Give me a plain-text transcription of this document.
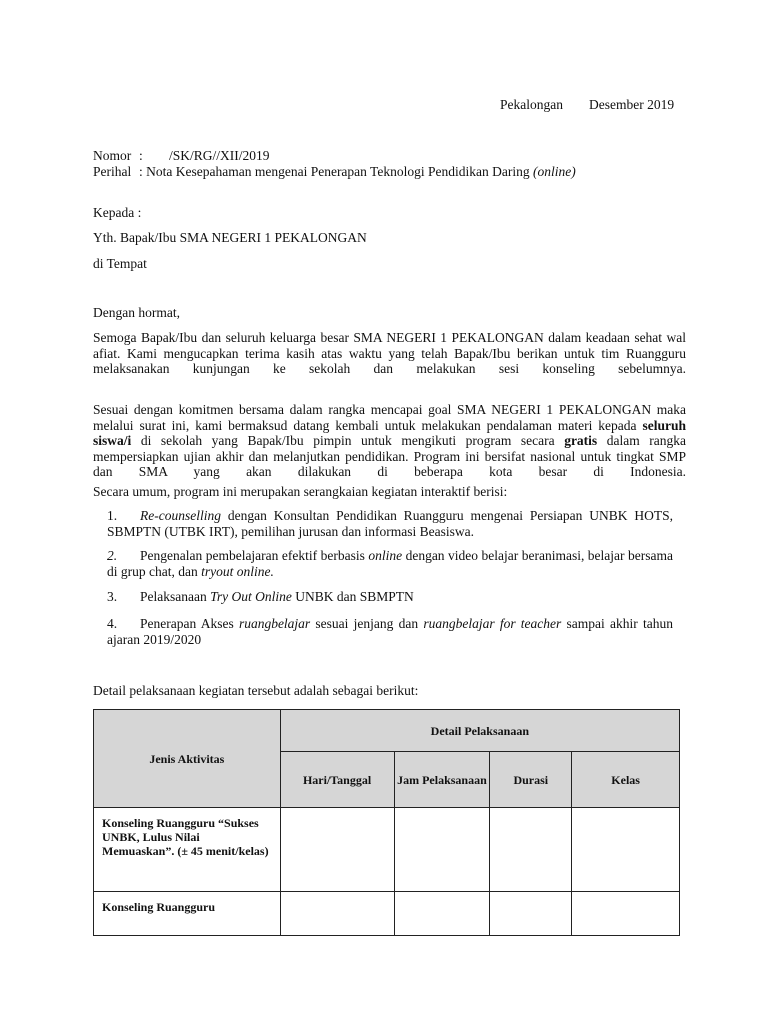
Pekalongan Desember 2019
Nomor : /SK/RG//XII/2019
Perihal : Nota Kesepahaman mengenai Penerapan Teknologi Pendidikan Daring (online)
Kepada :
Yth. Bapak/Ibu SMA NEGERI 1 PEKALONGAN
di Tempat
Dengan hormat,
Semoga Bapak/Ibu dan seluruh keluarga besar SMA NEGERI 1 PEKALONGAN dalam keadaan sehat wal afiat. Kami mengucapkan terima kasih atas waktu yang telah Bapak/Ibu berikan untuk tim Ruangguru melaksanakan kunjungan ke sekolah dan melakukan sesi konseling sebelumnya.
Sesuai dengan komitmen bersama dalam rangka mencapai goal SMA NEGERI 1 PEKALONGAN maka melalui surat ini, kami bermaksud datang kembali untuk melakukan pendalaman materi kepada seluruh siswa/i di sekolah yang Bapak/Ibu pimpin untuk mengikuti program secara gratis dalam rangka mempersiapkan ujian akhir dan melanjutkan pendidikan. Program ini bersifat nasional untuk tingkat SMP dan SMA yang akan dilakukan di beberapa kota besar di Indonesia.
Secara umum, program ini merupakan serangkaian kegiatan interaktif berisi:
1. Re-counselling dengan Konsultan Pendidikan Ruangguru mengenai Persiapan UNBK HOTS, SBMPTN (UTBK IRT), pemilihan jurusan dan informasi Beasiswa.
2. Pengenalan pembelajaran efektif berbasis online dengan video belajar beranimasi, belajar bersama di grup chat, dan tryout online.
3. Pelaksanaan Try Out Online UNBK dan SBMPTN
4. Penerapan Akses ruangbelajar sesuai jenjang dan ruangbelajar for teacher sampai akhir tahun ajaran 2019/2020
Detail pelaksanaan kegiatan tersebut adalah sebagai berikut:
Jenis Aktivitas	Detail Pelaksanaan			
	Hari/Tanggal	Jam Pelaksanaan	Durasi	Kelas
Konseling Ruangguru “Sukses UNBK, Lulus Nilai Memuaskan”. (± 45 menit/kelas)				
Konseling Ruangguru				
